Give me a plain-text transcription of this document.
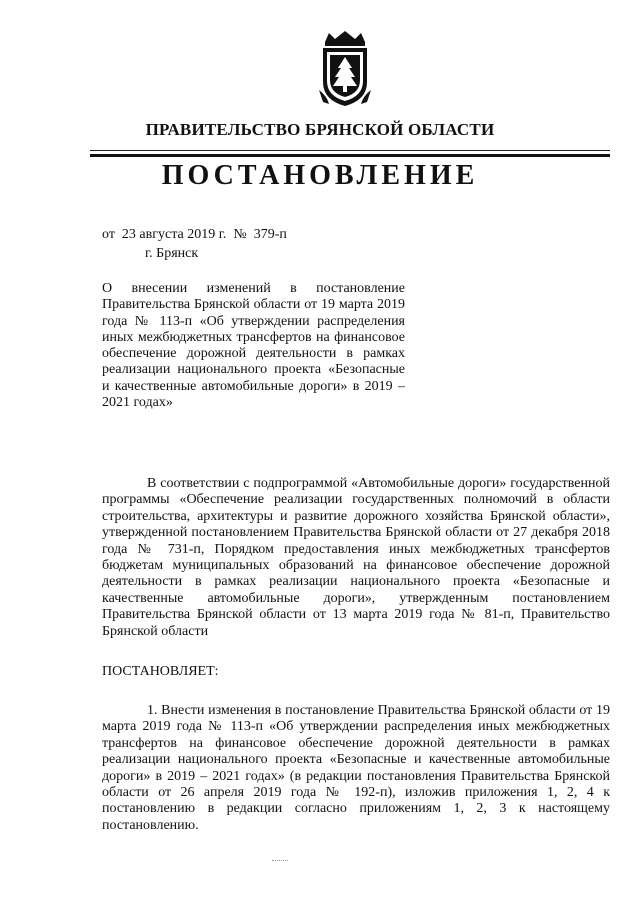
ПРАВИТЕЛЬСТВО БРЯНСКОЙ ОБЛАСТИ
ПОСТАНОВЛЕНИЕ
от  23 августа 2019 г.  №  379-п
г. Брянск
О внесении изменений в постановление Правительства Брянской области от 19 марта 2019 года № 113-п «Об утверждении распределения иных межбюджетных трансфертов на финансовое обеспечение дорожной деятельности в рамках реализации национального проекта «Безопасные и качественные автомобильные дороги» в 2019 – 2021 годах»
В соответствии с подпрограммой «Автомобильные дороги» государственной программы «Обеспечение реализации государственных полномочий в области строительства, архитектуры и развитие дорожного хозяйства Брянской области», утвержденной постановлением Правительства Брянской области от 27 декабря 2018 года № 731-п, Порядком предоставления иных межбюджетных трансфертов бюджетам муниципальных образований на финансовое обеспечение дорожной деятельности в рамках реализации национального проекта «Безопасные и качественные автомобильные дороги», утвержденным постановлением Правительства Брянской области от 13 марта 2019 года № 81-п, Правительство Брянской области
ПОСТАНОВЛЯЕТ:
1. Внести изменения в постановление Правительства Брянской области от 19 марта 2019 года № 113-п «Об утверждении распределения иных межбюджетных трансфертов на финансовое обеспечение дорожной деятельности в рамках реализации национального проекта «Безопасные и качественные автомобильные дороги» в 2019 – 2021 годах» (в редакции постановления Правительства Брянской области от 26 апреля 2019 года № 192-п), изложив приложения 1, 2, 4 к постановлению в редакции согласно приложениям 1, 2, 3 к настоящему постановлению.
